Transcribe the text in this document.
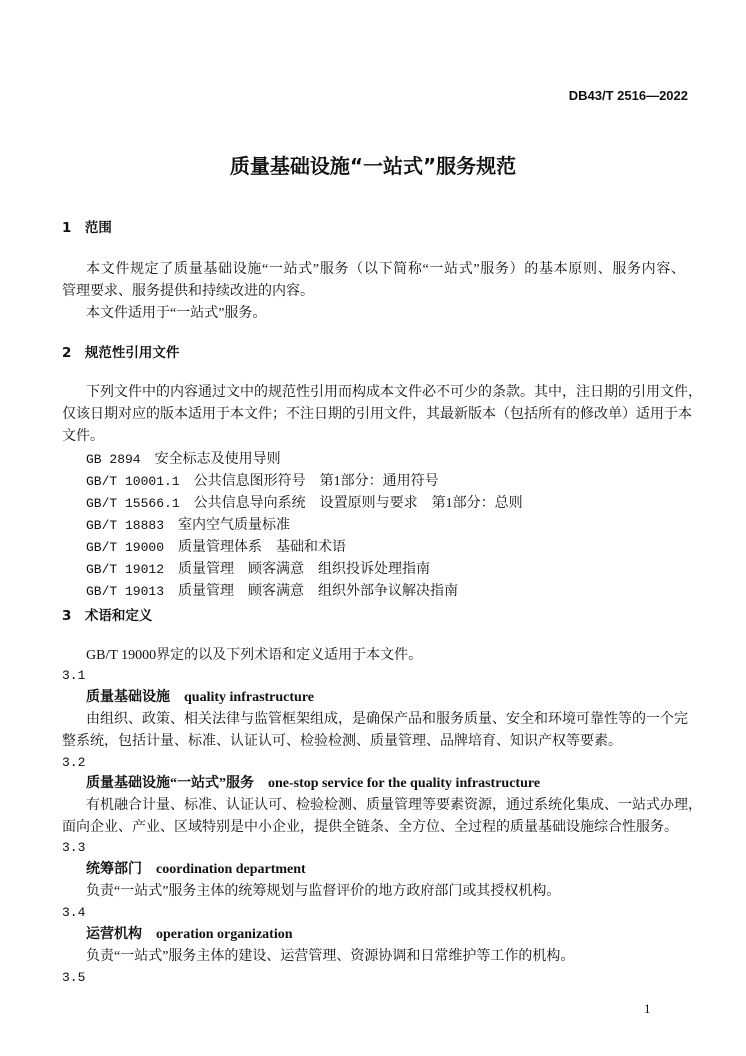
DB43/T 2516—2022
质量基础设施“一站式”服务规范
1　范围
本文件规定了质量基础设施“一站式”服务（以下简称“一站式”服务）的基本原则、服务内容、
管理要求、服务提供和持续改进的内容。
本文件适用于“一站式”服务。
2　规范性引用文件
下列文件中的内容通过文中的规范性引用而构成本文件必不可少的条款。其中，注日期的引用文件，
仅该日期对应的版本适用于本文件；不注日期的引用文件，其最新版本（包括所有的修改单）适用于本
文件。
GB 2894 安全标志及使用导则
GB/T 10001.1 公共信息图形符号　第1部分：通用符号
GB/T 15566.1 公共信息导向系统　设置原则与要求　第1部分：总则
GB/T 18883 室内空气质量标准
GB/T 19000 质量管理体系　基础和术语
GB/T 19012 质量管理　顾客满意　组织投诉处理指南
GB/T 19013 质量管理　顾客满意　组织外部争议解决指南
3　术语和定义
GB/T 19000界定的以及下列术语和定义适用于本文件。
3.1
质量基础设施 quality infrastructure
由组织、政策、相关法律与监管框架组成，是确保产品和服务质量、安全和环境可靠性等的一个完
整系统，包括计量、标准、认证认可、检验检测、质量管理、品牌培育、知识产权等要素。
3.2
质量基础设施“一站式”服务 one-stop service for the quality infrastructure
有机融合计量、标准、认证认可、检验检测、质量管理等要素资源，通过系统化集成、一站式办理，
面向企业、产业、区域特别是中小企业，提供全链条、全方位、全过程的质量基础设施综合性服务。
3.3
统筹部门 coordination department
负责“一站式”服务主体的统筹规划与监督评价的地方政府部门或其授权机构。
3.4
运营机构 operation organization
负责“一站式”服务主体的建设、运营管理、资源协调和日常维护等工作的机构。
3.5
1
